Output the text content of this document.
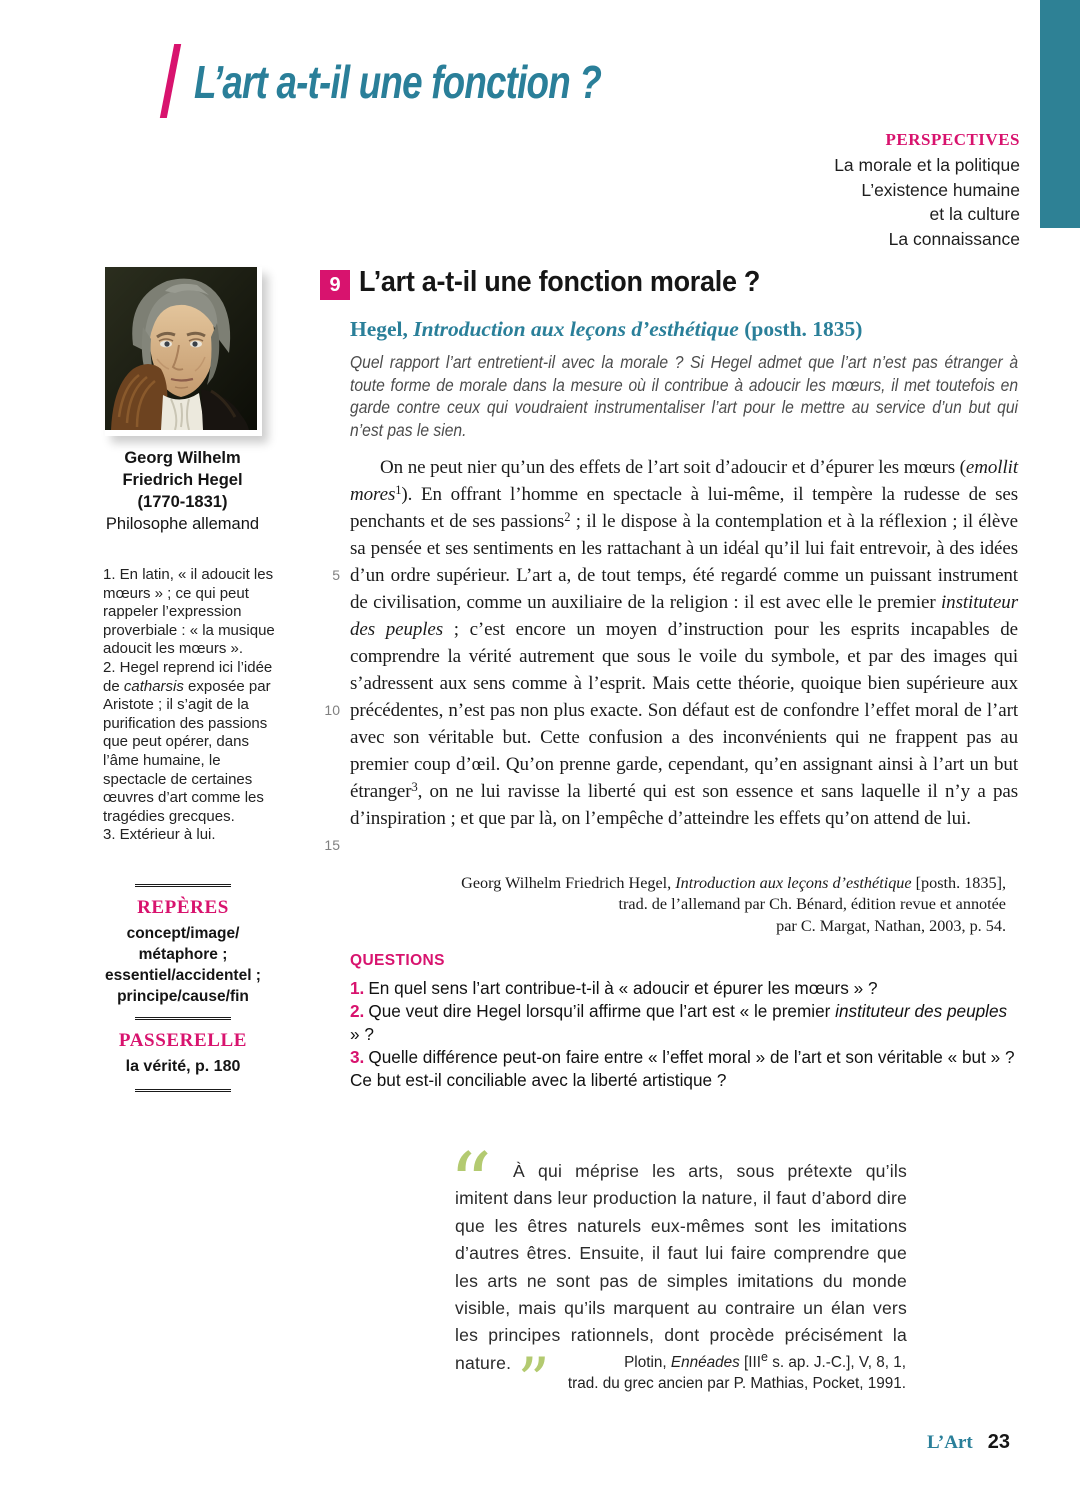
L’art a-t-il une fonction ?
PERSPECTIVES
La morale et la politique
L’existence humaine
et la culture
La connaissance
Georg Wilhelm
Friedrich Hegel
(1770-1831)
Philosophe allemand
1. En latin, « il adoucit les mœurs » ; ce qui peut rappeler l’expression proverbiale : « la musique adoucit les mœurs ».
2. Hegel reprend ici l’idée de catharsis exposée par Aristote ; il s’agit de la purification des passions que peut opérer, dans l’âme humaine, le spectacle de certaines œuvres d’art comme les tragédies grecques.
3. Extérieur à lui.
REPÈRES
concept/image/
métaphore ;
essentiel/accidentel ;
principe/cause/fin
PASSERELLE
la vérité, p. 180
9 L’art a-t-il une fonction morale ?
Hegel, Introduction aux leçons d’esthétique (posth. 1835)
Quel rapport l’art entretient-il avec la morale ? Si Hegel admet que l’art n’est pas étranger à toute forme de morale dans la mesure où il contribue à adoucir les mœurs, il met toutefois en garde contre ceux qui voudraient instrumentaliser l’art pour le mettre au service d’un but qui n’est pas le sien.
5
10
15

On ne peut nier qu’un des effets de l’art soit d’adoucir et d’épurer les mœurs (emollit mores$^1$). En offrant l’homme en spectacle à lui-même, il tempère la rudesse de ses penchants et de ses passions$^2$ ; il le dispose à la contemplation et à la réflexion ; il élève sa pensée et ses sentiments en les rattachant à un idéal qu’il lui fait entrevoir, à des idées d’un ordre supérieur. L’art a, de tout temps, été regardé comme un puissant instrument de civilisation, comme un auxiliaire de la religion : il est avec elle le premier instituteur des peuples ; c’est encore un moyen d’instruction pour les esprits incapables de comprendre la vérité autrement que sous le voile du symbole, et par des images qui s’adressent aux sens comme à l’esprit. Mais cette théorie, quoique bien supérieure aux précédentes, n’est pas non plus exacte. Son défaut est de confondre l’effet moral de l’art avec son véritable but. Cette confusion a des inconvénients qui ne frappent pas au premier coup d’œil. Qu’on prenne garde, cependant, qu’en assignant ainsi à l’art un but étranger$^3$, on ne lui ravisse la liberté qui est son essence et sans laquelle il n’y a pas d’inspiration ; et que par là, on l’empêche d’atteindre les effets qu’on attend de lui.

Georg Wilhelm Friedrich Hegel, Introduction aux leçons d’esthétique [posth. 1835],
trad. de l’allemand par Ch. Bénard, édition revue et annotée
par C. Margat, Nathan, 2003, p. 54.
QUESTIONS
1. En quel sens l’art contribue-t-il à « adoucir et épurer les mœurs » ?
2. Que veut dire Hegel lorsqu’il affirme que l’art est « le premier instituteur des peuples » ?
3. Quelle différence peut-on faire entre « l’effet moral » de l’art et son véritable « but » ? Ce but est-il conciliable avec la liberté artistique ?
“	À qui méprise les arts, sous prétexte qu’ils imitent dans leur production la nature, il faut d’abord dire que les êtres naturels eux-mêmes sont les imitations d’autres êtres. Ensuite, il faut lui faire comprendre que les arts ne sont pas de simples imitations du monde visible, mais qu’ils marquent au contraire un élan vers les principes rationnels, dont procède précisément la nature.”	Plotin, Ennéades [IIIe s. ap. J.-C.], V, 8, 1,
trad. du grec ancien par P. Mathias, Pocket, 1991.
L’Art 23
